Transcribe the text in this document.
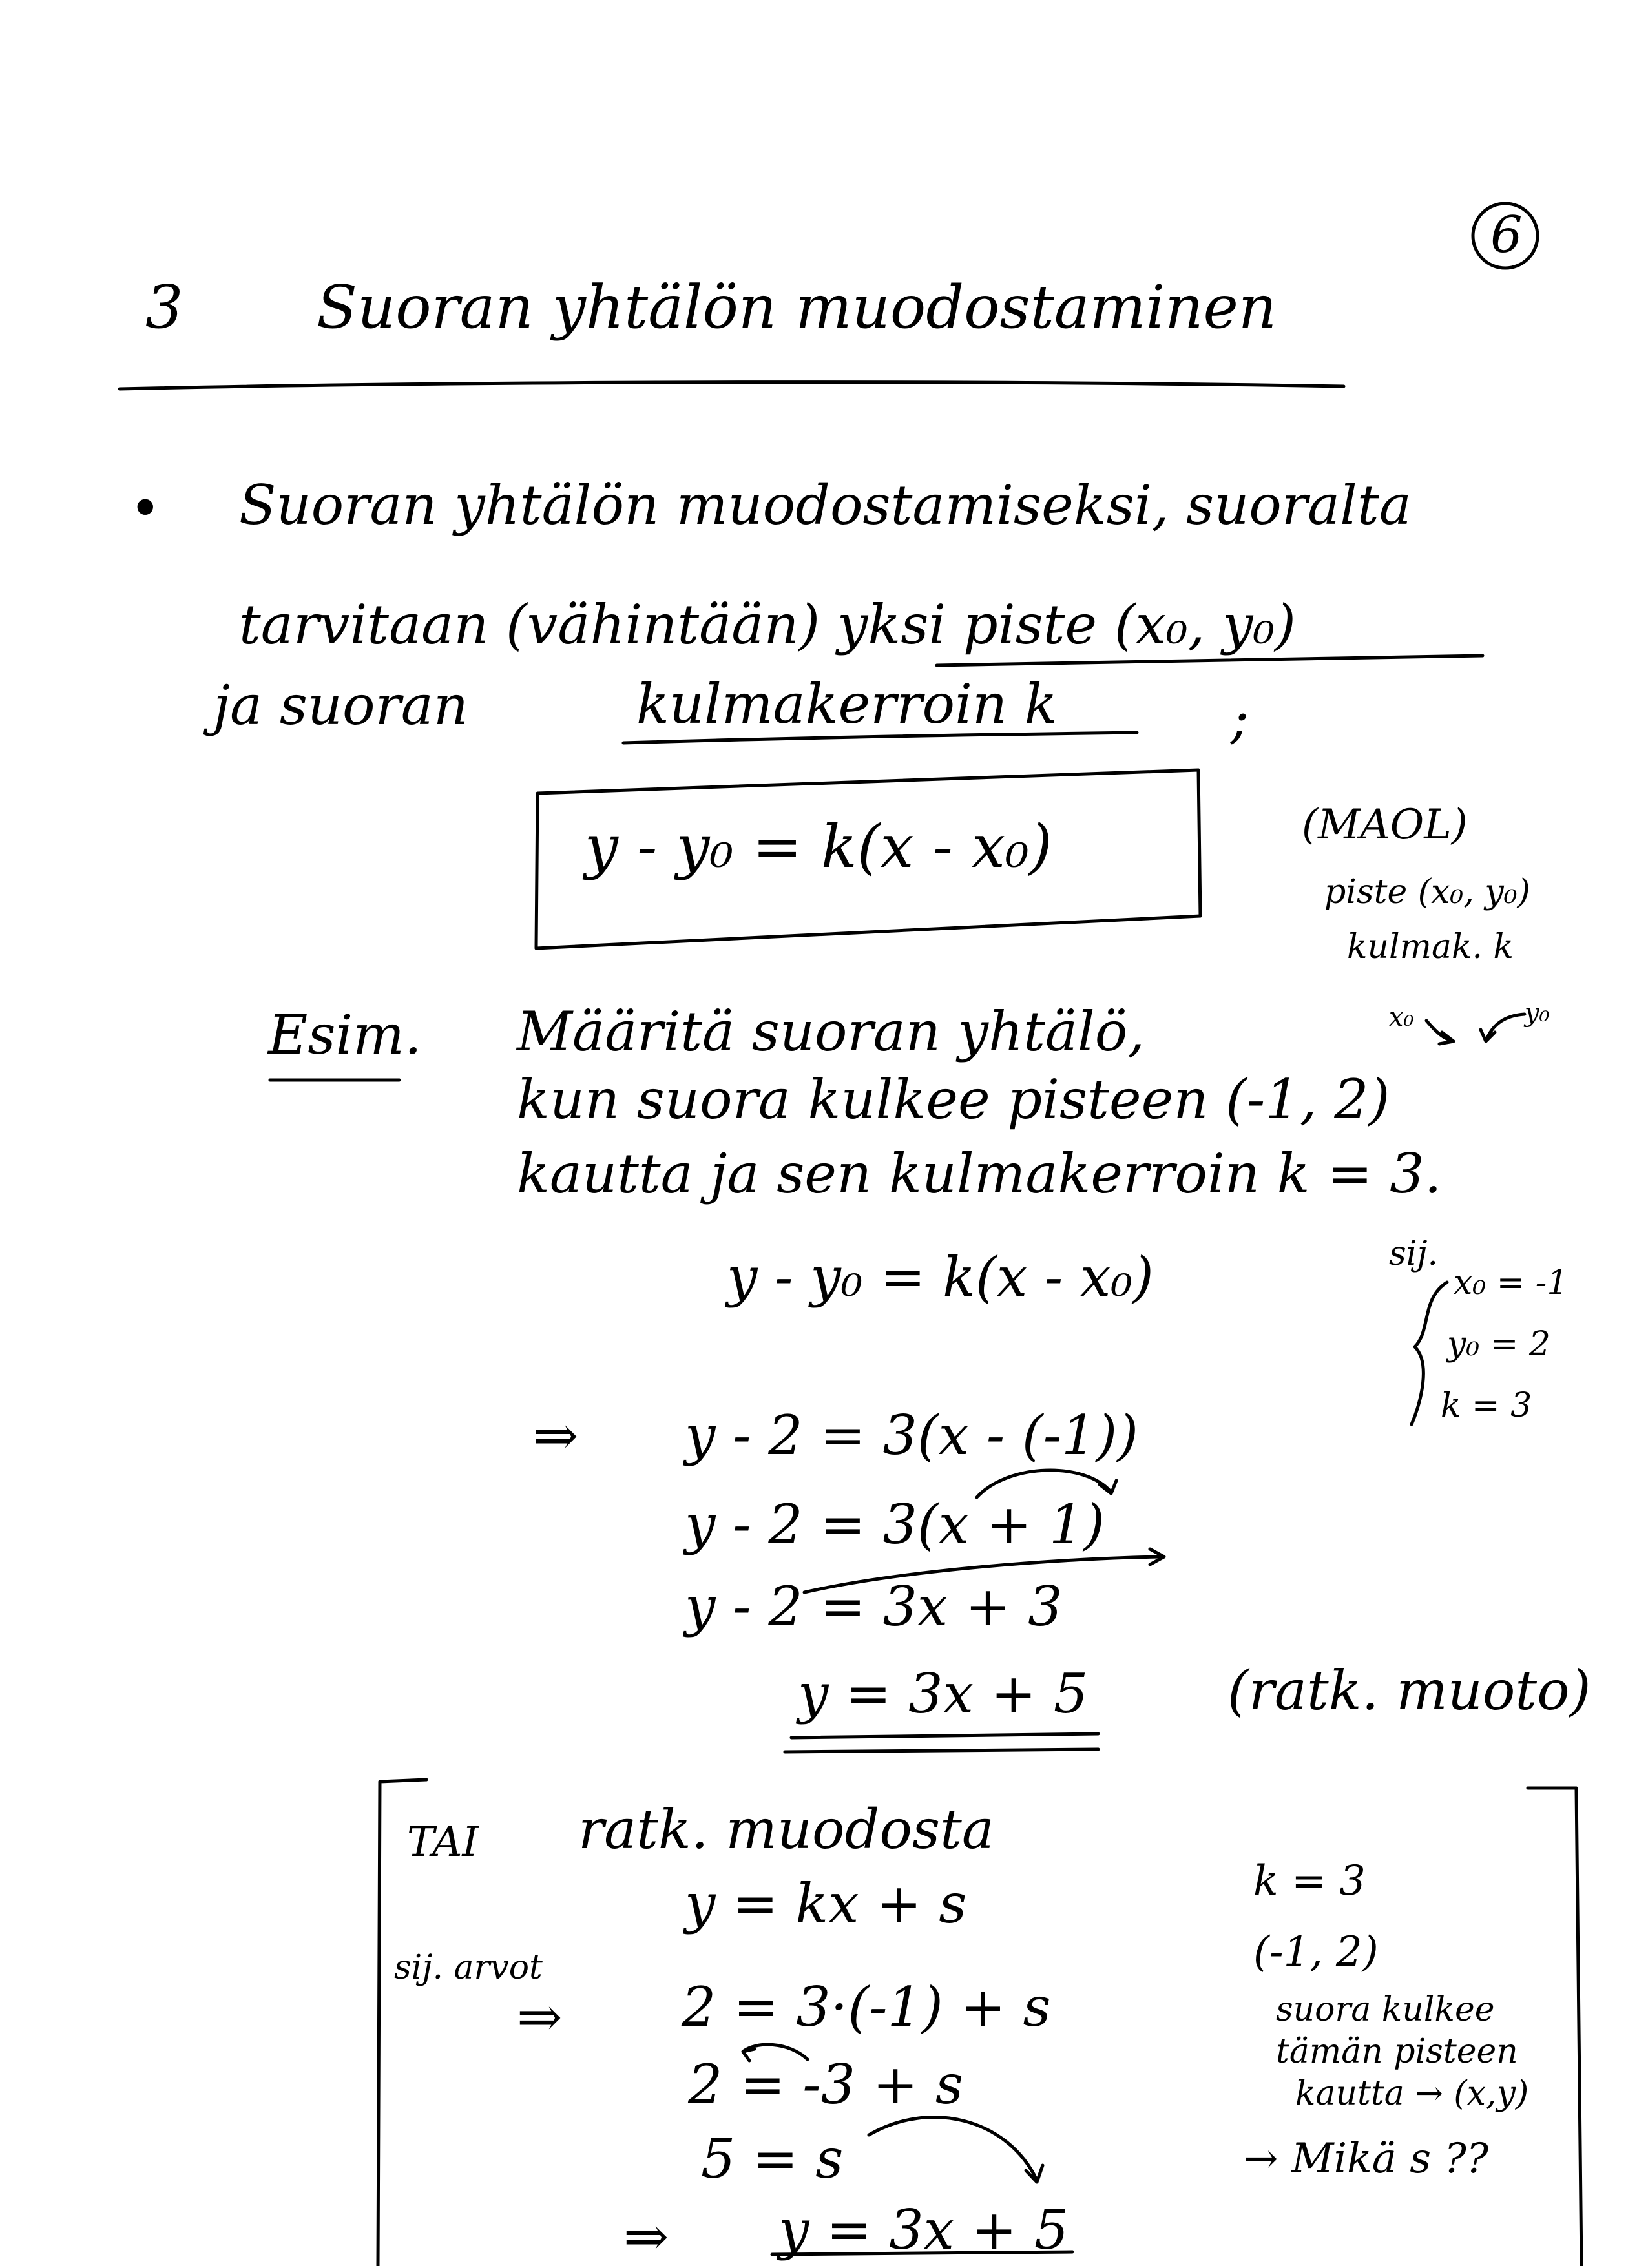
6
3 Suoran yhtälön muodostaminen
• Suoran yhtälön muodostamiseksi, suoralta
tarvitaan (vähintään) yksi piste (x₀, y₀)
ja suoran	kulmakerroin k	;
y - y₀ = k(x - x₀)	(MAOL)
piste (x₀, y₀)
kulmak. k
Esim. Määritä suoran yhtälö,	x₀	y₀
kun suora kulkee pisteen (-1, 2)
kautta ja sen kulmakerroin k = 3.
sij.
x₀ = -1
y₀ = 2
k = 3
y - y₀ = k(x - x₀)
⇒ y - 2 = 3(x - (-1))
y - 2 = 3(x + 1)
y - 2 = 3x + 3
y = 3x + 5	(ratk. muoto)
TAI ratk. muodosta
y = kx + s
sij. arvot
⇒ 2 = 3·(-1) + s
2 = -3 + s
5 = s
⇒ y = 3x + 5
k = 3
(-1, 2)
suora kulkee
tämän pisteen
kautta → (x,y)
→ Mikä s ??
